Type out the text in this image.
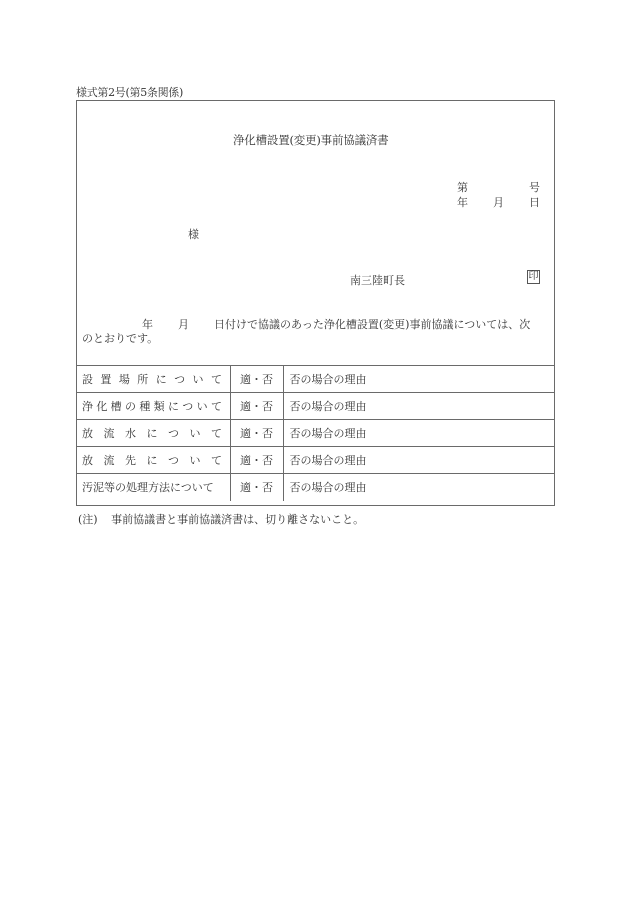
様式第2号(第5条関係)
浄化槽設置(変更)事前協議済書
第	号
年 月 日
様
南三陸町長	印
年 月 日付けで協議のあった浄化槽設置(変更)事前協議については、次
のとおりです。
設 置 場 所 に つ い て	適・否	否の場合の理由

浄 化 槽 の 種 類 に つ い て	適・否	否の場合の理由

放 流 水 に つ い て	適・否	否の場合の理由

放 流 先 に つ い て	適・否	否の場合の理由

汚泥等の処理方法について	適・否	否の場合の理由
(注) 事前協議書と事前協議済書は、切り離さないこと。
